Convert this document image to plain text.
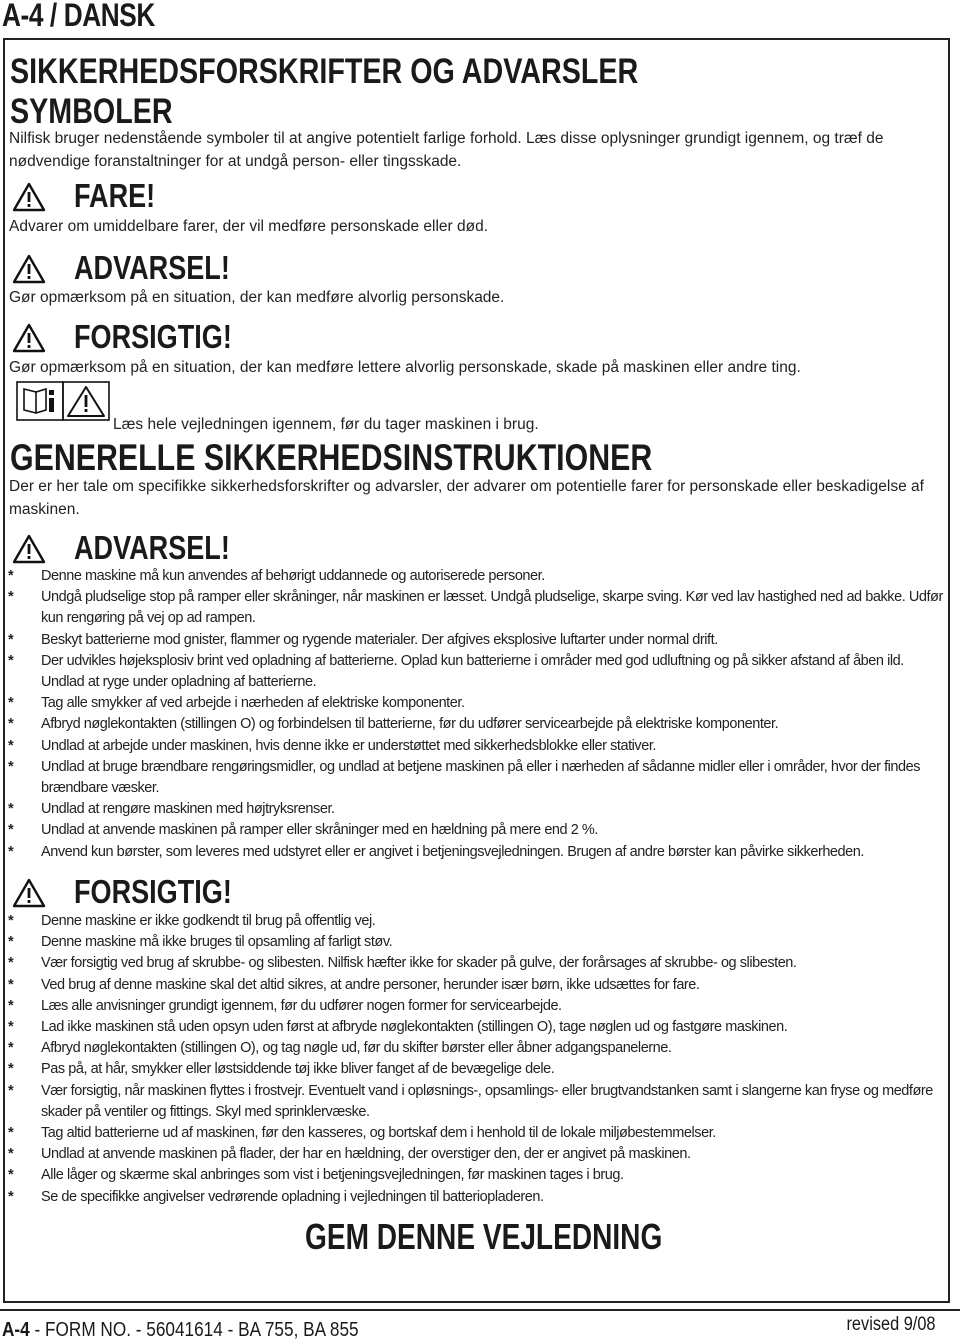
A-4 / DANSK
SIKKERHEDSFORSKRIFTER OG ADVARSLER
SYMBOLER
Nilfisk bruger nedenstående symboler til at angive potentielt farlige forhold. Læs disse oplysninger grundigt igennem, og træf de nødvendige foranstaltninger for at undgå person- eller tingsskade.
FARE!
Advarer om umiddelbare farer, der vil medføre personskade eller død.
ADVARSEL!
Gør opmærksom på en situation, der kan medføre alvorlig personskade.
FORSIGTIG!
Gør opmærksom på en situation, der kan medføre lettere alvorlig personskade, skade på maskinen eller andre ting.
Læs hele vejledningen igennem, før du tager maskinen i brug.
GENERELLE SIKKERHEDSINSTRUKTIONER
Der er her tale om specifikke sikkerhedsforskrifter og advarsler, der advarer om potentielle farer for personskade eller beskadigelse af maskinen.
ADVARSEL!
*	Denne maskine må kun anvendes af behørigt uddannede og autoriserede personer.
*	Undgå pludselige stop på ramper eller skråninger, når maskinen er læsset. Undgå pludselige, skarpe sving. Kør ved lav hastighed ned ad bakke. Udfør kun rengøring på vej op ad rampen.
*	Beskyt batterierne mod gnister, flammer og rygende materialer. Der afgives eksplosive luftarter under normal drift.
*	Der udvikles højeksplosiv brint ved opladning af batterierne. Oplad kun batterierne i områder med god udluftning og på sikker afstand af åben ild. Undlad at ryge under opladning af batterierne.
*	Tag alle smykker af ved arbejde i nærheden af elektriske komponenter.
*	Afbryd nøglekontakten (stillingen O) og forbindelsen til batterierne, før du udfører servicearbejde på elektriske komponenter.
*	Undlad at arbejde under maskinen, hvis denne ikke er understøttet med sikkerhedsblokke eller stativer.
*	Undlad at bruge brændbare rengøringsmidler, og undlad at betjene maskinen på eller i nærheden af sådanne midler eller i områder, hvor der findes brændbare væsker.
*	Undlad at rengøre maskinen med højtryksrenser.
*	Undlad at anvende maskinen på ramper eller skråninger med en hældning på mere end 2 %.
*	Anvend kun børster, som leveres med udstyret eller er angivet i betjeningsvejledningen. Brugen af andre børster kan påvirke sikkerheden.
FORSIGTIG!
*	Denne maskine er ikke godkendt til brug på offentlig vej.
*	Denne maskine må ikke bruges til opsamling af farligt støv.
*	Vær forsigtig ved brug af skrubbe- og slibesten. Nilfisk hæfter ikke for skader på gulve, der forårsages af skrubbe- og slibesten.
*	Ved brug af denne maskine skal det altid sikres, at andre personer, herunder især børn, ikke udsættes for fare.
*	Læs alle anvisninger grundigt igennem, før du udfører nogen former for servicearbejde.
*	Lad ikke maskinen stå uden opsyn uden først at afbryde nøglekontakten (stillingen O), tage nøglen ud og fastgøre maskinen.
*	Afbryd nøglekontakten (stillingen O), og tag nøgle ud, før du skifter børster eller åbner adgangspanelerne.
*	Pas på, at hår, smykker eller løstsiddende tøj ikke bliver fanget af de bevægelige dele.
*	Vær forsigtig, når maskinen flyttes i frostvejr. Eventuelt vand i opløsnings-, opsamlings- eller brugtvandstanken samt i slangerne kan fryse og medføre skader på ventiler og fittings. Skyl med sprinklervæske.
*	Tag altid batterierne ud af maskinen, før den kasseres, og bortskaf dem i henhold til de lokale miljøbestemmelser.
*	Undlad at anvende maskinen på flader, der har en hældning, der overstiger den, der er angivet på maskinen.
*	Alle låger og skærme skal anbringes som vist i betjeningsvejledningen, før maskinen tages i brug.
*	Se de specifikke angivelser vedrørende opladning i vejledningen til batteriopladeren.
GEM DENNE VEJLEDNING
A-4 - FORM NO. - 56041614 - BA 755, BA 855	revised 9/08
